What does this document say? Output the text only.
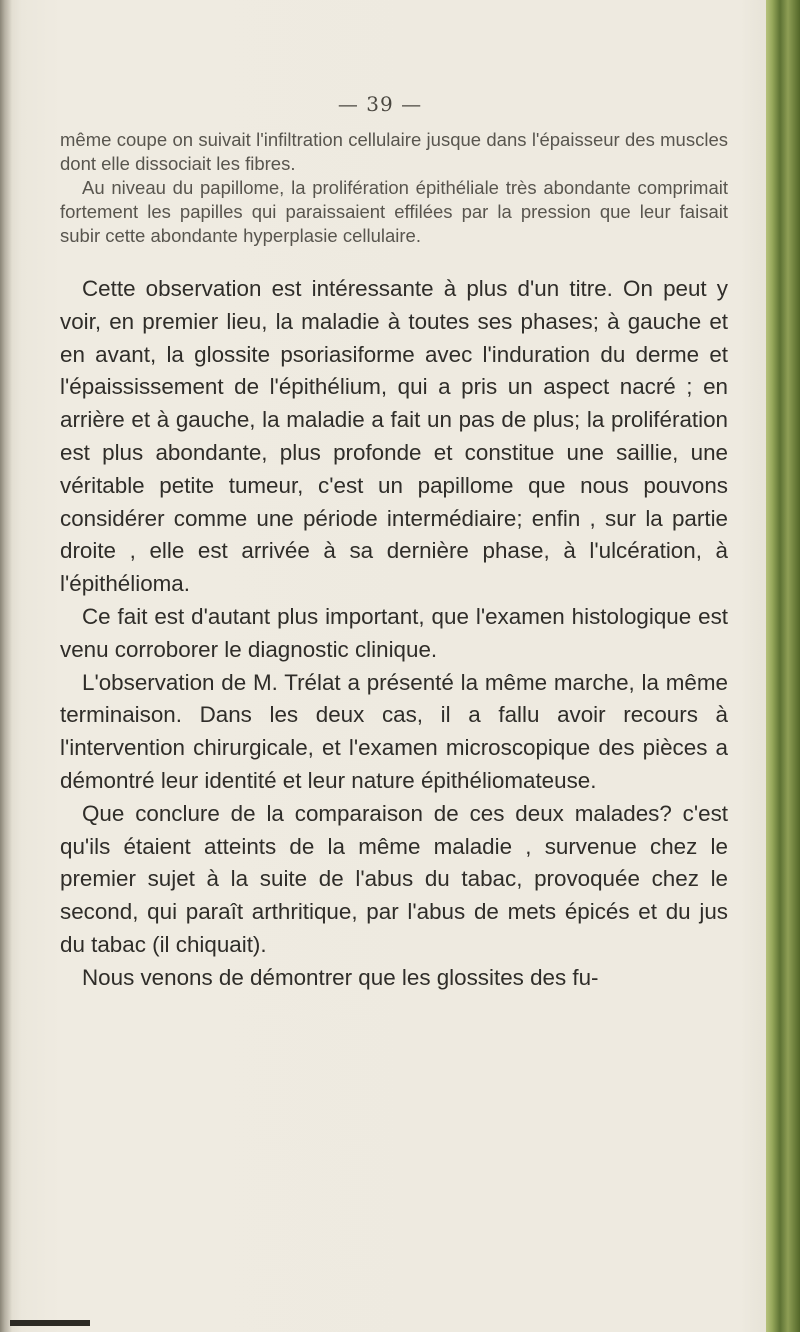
— 39 —

même coupe on suivait l'infiltration cellulaire jusque dans l'épaisseur des muscles dont elle dissociait les fibres.

Au niveau du papillome, la prolifération épithéliale très abondante comprimait fortement les papilles qui paraissaient effilées par la pression que leur faisait subir cette abondante hyperplasie cellulaire.

Cette observation est intéressante à plus d'un titre. On peut y voir, en premier lieu, la maladie à toutes ses phases; à gauche et en avant, la glossite psoriasiforme avec l'induration du derme et l'épaississement de l'épithélium, qui a pris un aspect nacré ; en arrière et à gauche, la maladie a fait un pas de plus; la prolifération est plus abondante, plus profonde et constitue une saillie, une véritable petite tumeur, c'est un papillome que nous pouvons considérer comme une période intermédiaire; enfin , sur la partie droite , elle est arrivée à sa dernière phase, à l'ulcération, à l'épithélioma.

Ce fait est d'autant plus important, que l'examen histologique est venu corroborer le diagnostic clinique.

L'observation de M. Trélat a présenté la même marche, la même terminaison. Dans les deux cas, il a fallu avoir recours à l'intervention chirurgicale, et l'examen microscopique des pièces a démontré leur identité et leur nature épithéliomateuse.

Que conclure de la comparaison de ces deux malades? c'est qu'ils étaient atteints de la même maladie , survenue chez le premier sujet à la suite de l'abus du tabac, provoquée chez le second, qui paraît arthritique, par l'abus de mets épicés et du jus du tabac (il chiquait).

Nous venons de démontrer que les glossites des fu-
